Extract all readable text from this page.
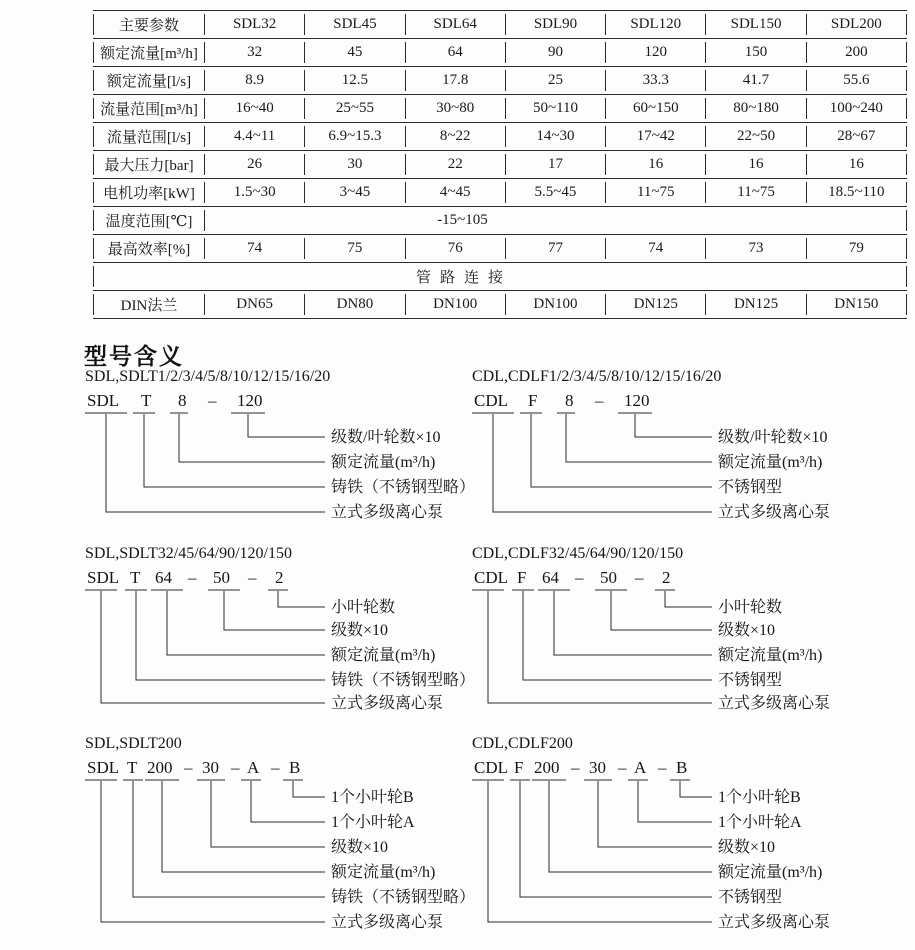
主要参数	SDL32	SDL45	SDL64	SDL90	SDL120	SDL150	SDL200
额定流量[m³/h]	32	45	64	90	120	150	200
额定流量[l/s]	8.9	12.5	17.8	25	33.3	41.7	55.6
流量范围[m³/h]	16~40	25~55	30~80	50~110	60~150	80~180	100~240
流量范围[l/s]	4.4~11	6.9~15.3	8~22	14~30	17~42	22~50	28~67
最大压力[bar]	26	30	22	17	16	16	16
电机功率[kW]	1.5~30	3~45	4~45	5.5~45	11~75	11~75	18.5~110
温度范围[℃]	-15~105
最高效率[%]	74	75	76	77	74	73	79
管路连接
DIN法兰	DN65	DN80	DN100	DN100	DN125	DN125	DN150
型号含义
SDL,SDLT1/2/3/4/5/8/10/12/15/16/20
SDL T 8 – 120
级数/叶轮数×10
额定流量(m³/h)
铸铁（不锈钢型略）
立式多级离心泵
CDL,CDLF1/2/3/4/5/8/10/12/15/16/20
CDL F 8 – 120
级数/叶轮数×10
额定流量(m³/h)
不锈钢型
立式多级离心泵
SDL,SDLT32/45/64/90/120/150
SDL T 64 – 50 – 2
小叶轮数
级数×10
额定流量(m³/h)
铸铁（不锈钢型略）
立式多级离心泵
CDL,CDLF32/45/64/90/120/150
CDL F 64 – 50 – 2
小叶轮数
级数×10
额定流量(m³/h)
不锈钢型
立式多级离心泵
SDL,SDLT200
SDL T 200 – 30 – A – B
1个小叶轮B
1个小叶轮A
级数×10
额定流量(m³/h)
铸铁（不锈钢型略）
立式多级离心泵
CDL,CDLF200
CDL F 200 – 30 – A – B
1个小叶轮B
1个小叶轮A
级数×10
额定流量(m³/h)
不锈钢型
立式多级离心泵
